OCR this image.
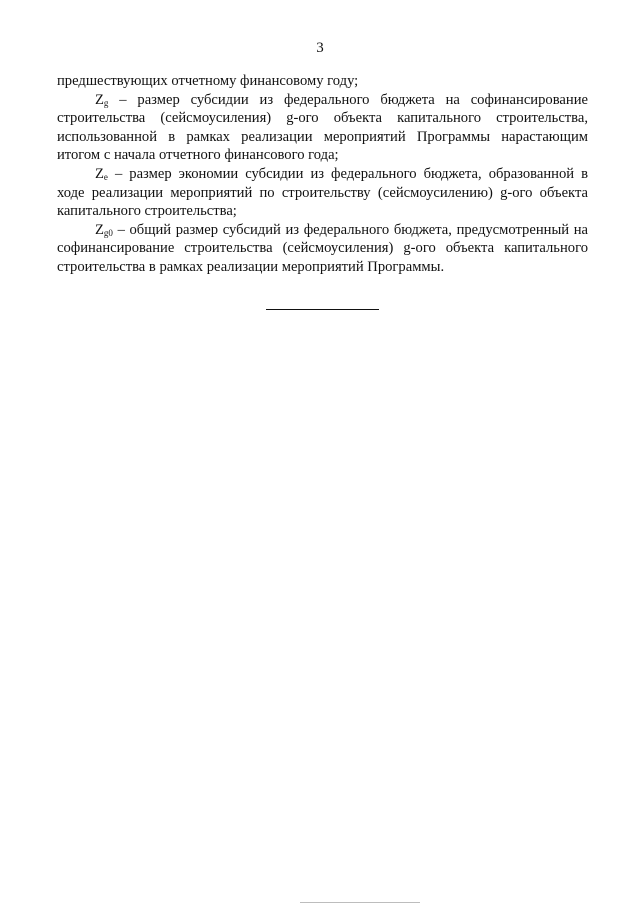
3

предшествующих отчетному финансовому году;

$Z_g$ – размер субсидии из федерального бюджета на софинансирование строительства (сейсмоусиления) g-ого объекта капитального строительства, использованной в рамках реализации мероприятий Программы нарастающим итогом с начала отчетного финансового года;

$Z_e$ – размер экономии субсидии из федерального бюджета, образованной в ходе реализации мероприятий по строительству (сейсмоусилению) g-ого объекта капитального строительства;

$Z_{g0}$ – общий размер субсидий из федерального бюджета, предусмотренный на софинансирование строительства (сейсмоусиления) g-ого объекта капитального строительства в рамках реализации мероприятий Программы.
